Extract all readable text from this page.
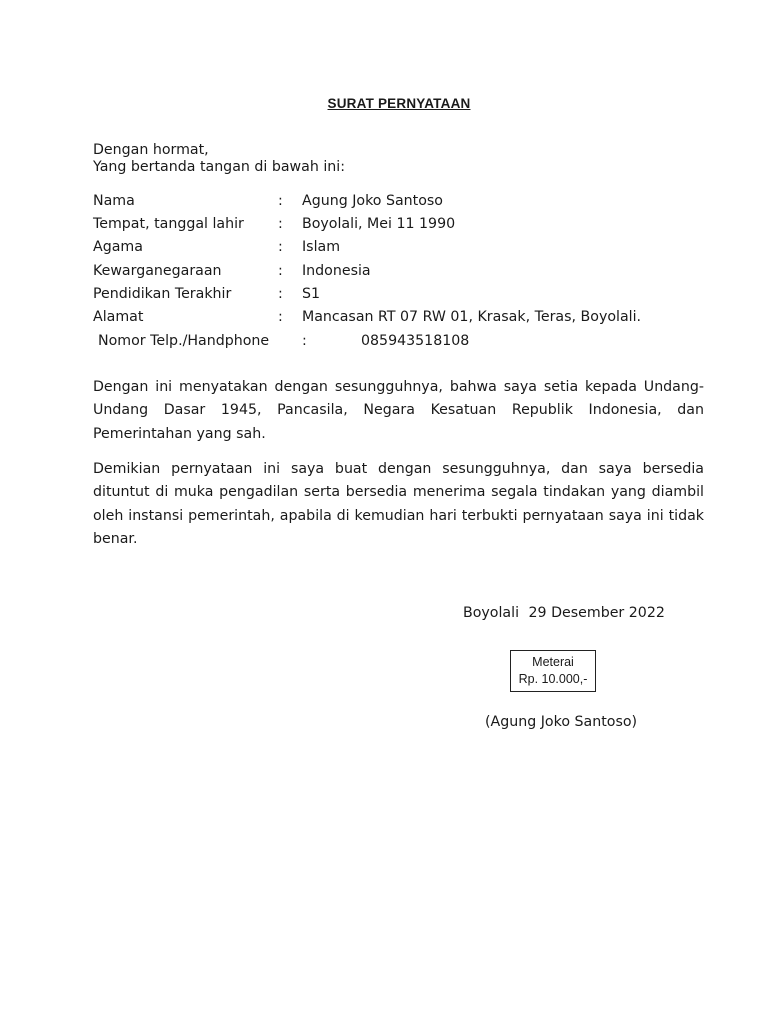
SURAT PERNYATAAN
Dengan hormat,
Yang bertanda tangan di bawah ini:
Nama	: Agung Joko Santoso
Tempat, tanggal lahir : Boyolali, Mei 11 1990
Agama	: Islam
Kewarganegaraan	: Indonesia
Pendidikan Terakhir	: S1
Alamat	: Mancasan RT 07 RW 01, Krasak, Teras, Boyolali.
Nomor Telp./Handphone :	085943518108
Dengan ini menyatakan dengan sesungguhnya, bahwa saya setia kepada Undang-Undang Dasar 1945, Pancasila, Negara Kesatuan Republik Indonesia, dan Pemerintahan yang sah.
Demikian pernyataan ini saya buat dengan sesungguhnya, dan saya bersedia dituntut di muka pengadilan serta bersedia menerima segala tindakan yang diambil oleh instansi pemerintah, apabila di kemudian hari terbukti pernyataan saya ini tidak benar.
Boyolali 29 Desember 2022
Meterai
Rp. 10.000,-
(Agung Joko Santoso)
